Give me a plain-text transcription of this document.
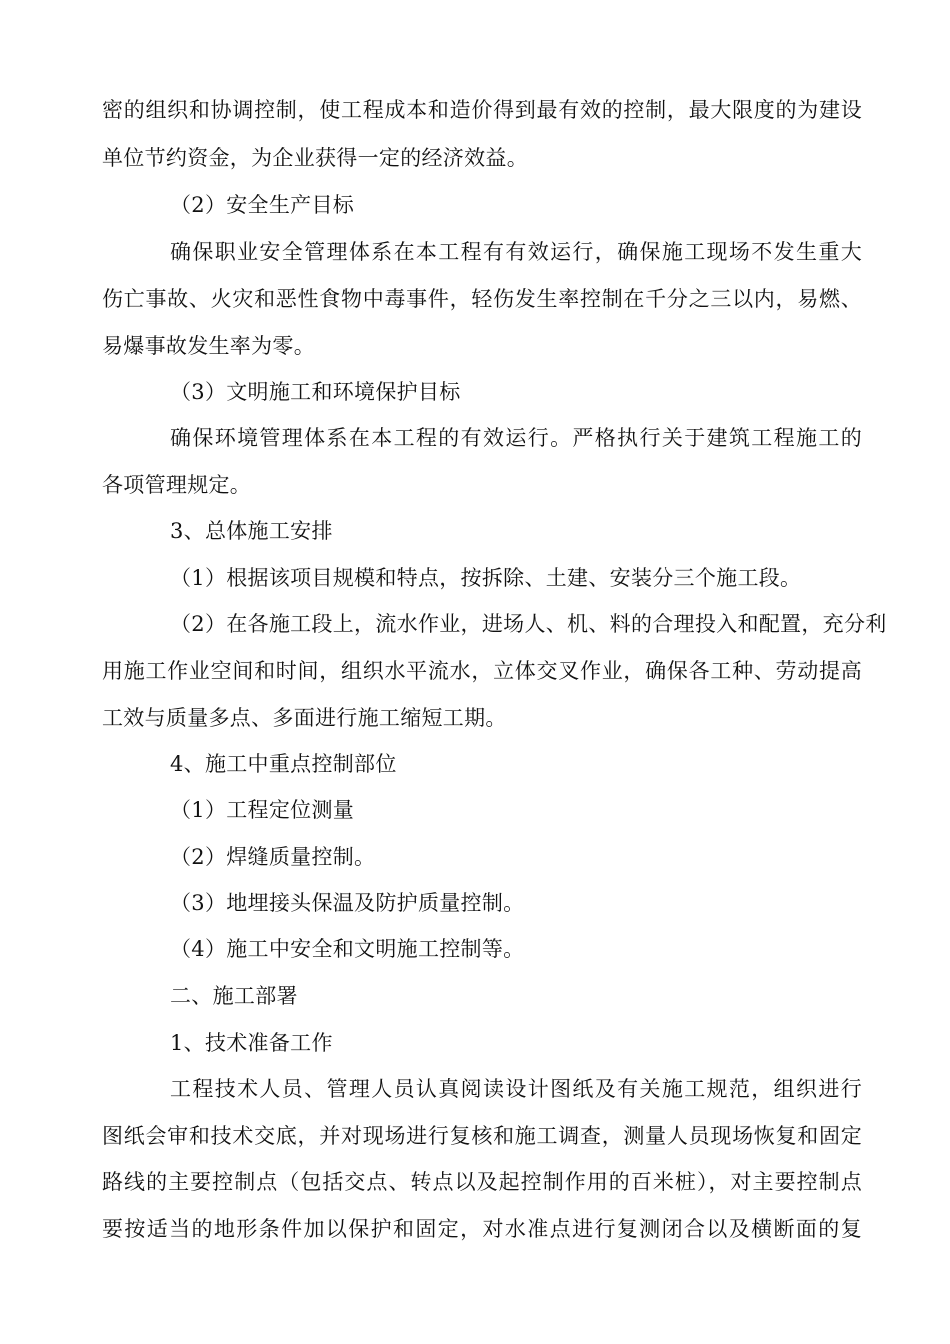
密的组织和协调控制，使工程成本和造价得到最有效的控制，最大限度的为建设
单位节约资金，为企业获得一定的经济效益。
（2）安全生产目标
确保职业安全管理体系在本工程有有效运行，确保施工现场不发生重大
伤亡事故、火灾和恶性食物中毒事件，轻伤发生率控制在千分之三以内，易燃、
易爆事故发生率为零。
（3）文明施工和环境保护目标
确保环境管理体系在本工程的有效运行。严格执行关于建筑工程施工的
各项管理规定。
3、总体施工安排
（1）根据该项目规模和特点，按拆除、土建、安装分三个施工段。
（2）在各施工段上，流水作业，进场人、机、料的合理投入和配置，充分利
用施工作业空间和时间，组织水平流水，立体交叉作业，确保各工种、劳动提高
工效与质量多点、多面进行施工缩短工期。
4、施工中重点控制部位
（1）工程定位测量
（2）焊缝质量控制。
（3）地埋接头保温及防护质量控制。
（4）施工中安全和文明施工控制等。
二、施工部署
1、技术准备工作
工程技术人员、管理人员认真阅读设计图纸及有关施工规范，组织进行
图纸会审和技术交底，并对现场进行复核和施工调查，测量人员现场恢复和固定
路线的主要控制点（包括交点、转点以及起控制作用的百米桩），对主要控制点
要按适当的地形条件加以保护和固定，对水准点进行复测闭合以及横断面的复
